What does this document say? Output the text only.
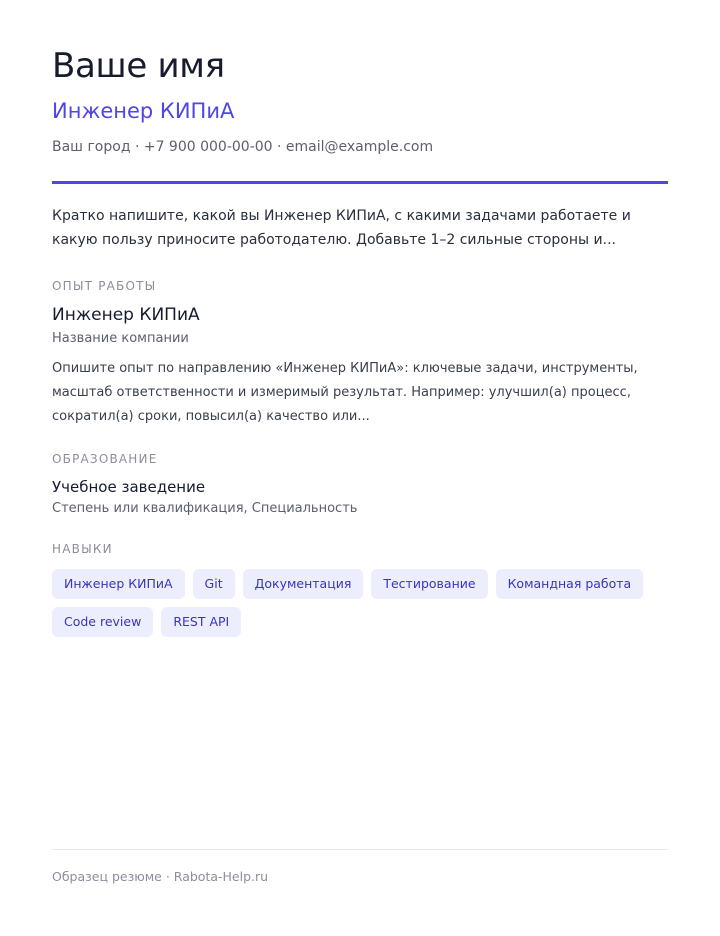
Ваше имя
Инженер КИПиА
Ваш город · +7 900 000-00-00 · email@example.com

Кратко напишите, какой вы Инженер КИПиА, с какими задачами работаете и какую пользу приносите работодателю. Добавьте 1–2 сильные стороны и...

ОПЫТ РАБОТЫ
Инженер КИПиА
Название компании

Опишите опыт по направлению «Инженер КИПиА»: ключевые задачи, инструменты, масштаб ответственности и измеримый результат. Например: улучшил(а) процесс, сократил(а) сроки, повысил(а) качество или...

ОБРАЗОВАНИЕ
Учебное заведение
Степень или квалификация, Специальность
НАВЫКИ
Инженер КИПиА	Git	Документация	Тестирование	Командная работа
Code review	REST API
Образец резюме · Rabota-Help.ru
